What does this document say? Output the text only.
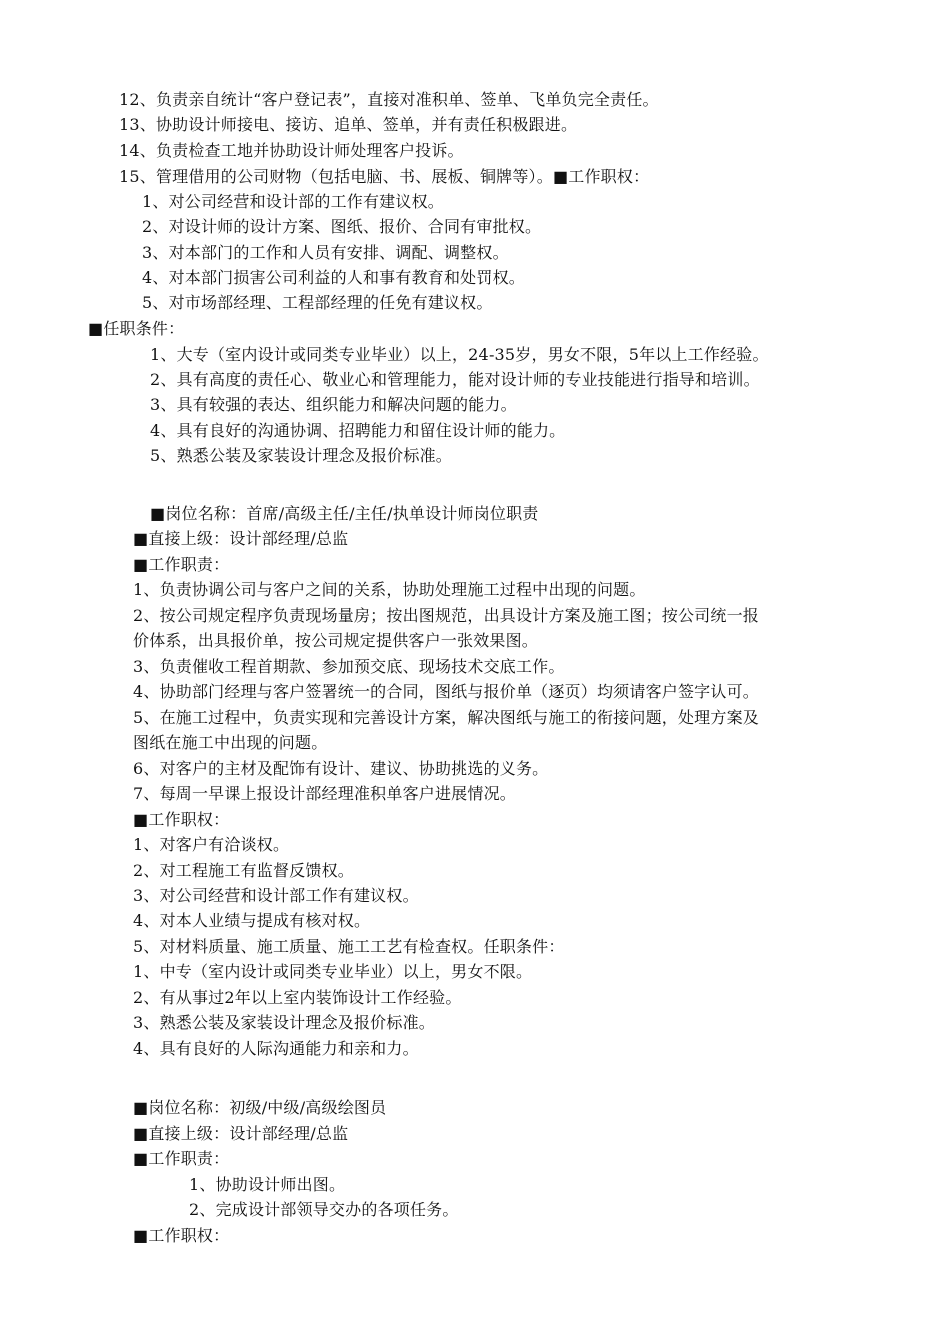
12、负责亲自统计“客户登记表”，直接对准积单、签单、飞单负完全责任。
13、协助设计师接电、接访、追单、签单，并有责任积极跟进。
14、负责检查工地并协助设计师处理客户投诉。
15、管理借用的公司财物（包括电脑、书、展板、铜牌等）。■工作职权：
1、对公司经营和设计部的工作有建议权。
2、对设计师的设计方案、图纸、报价、合同有审批权。
3、对本部门的工作和人员有安排、调配、调整权。
4、对本部门损害公司利益的人和事有教育和处罚权。
5、对市场部经理、工程部经理的任免有建议权。
■任职条件：
1、大专（室内设计或同类专业毕业）以上，24-35岁，男女不限，5年以上工作经验。
2、具有高度的责任心、敬业心和管理能力，能对设计师的专业技能进行指导和培训。
3、具有较强的表达、组织能力和解决问题的能力。
4、具有良好的沟通协调、招聘能力和留住设计师的能力。
5、熟悉公装及家装设计理念及报价标准。
■岗位名称：首席/高级主任/主任/执单设计师岗位职责
■直接上级：设计部经理/总监
■工作职责：
1、负责协调公司与客户之间的关系，协助处理施工过程中出现的问题。
2、按公司规定程序负责现场量房；按出图规范，出具设计方案及施工图；按公司统一报
价体系，出具报价单，按公司规定提供客户一张效果图。
3、负责催收工程首期款、参加预交底、现场技术交底工作。
4、协助部门经理与客户签署统一的合同，图纸与报价单（逐页）均须请客户签字认可。
5、在施工过程中，负责实现和完善设计方案，解决图纸与施工的衔接问题，处理方案及
图纸在施工中出现的问题。
6、对客户的主材及配饰有设计、建议、协助挑选的义务。
7、每周一早课上报设计部经理准积单客户进展情况。
■工作职权：
1、对客户有洽谈权。
2、对工程施工有监督反馈权。
3、对公司经营和设计部工作有建议权。
4、对本人业绩与提成有核对权。
5、对材料质量、施工质量、施工工艺有检查权。任职条件：
1、中专（室内设计或同类专业毕业）以上，男女不限。
2、有从事过2年以上室内装饰设计工作经验。
3、熟悉公装及家装设计理念及报价标准。
4、具有良好的人际沟通能力和亲和力。
■岗位名称：初级/中级/高级绘图员
■直接上级：设计部经理/总监
■工作职责：
1、协助设计师出图。
2、完成设计部领导交办的各项任务。
■工作职权：
